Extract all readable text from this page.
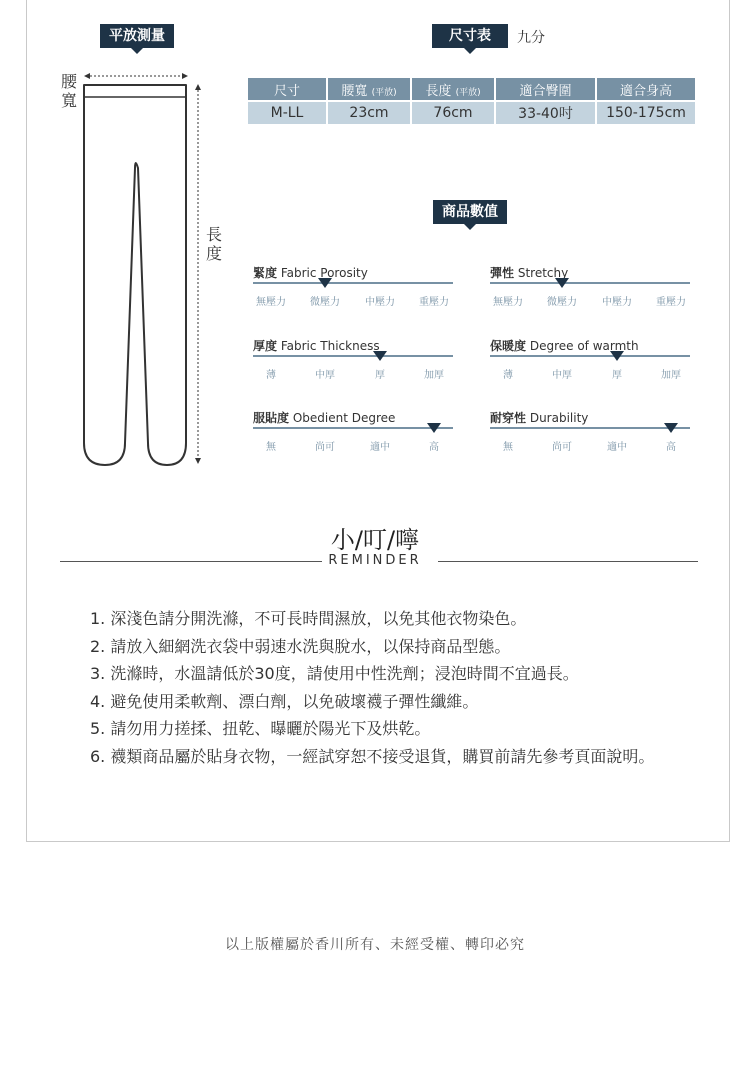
平放測量
腰
寬
長
度
尺寸表	九分
尺寸	腰寬 (平放)	長度 (平放)	適合臀圍	適合身高
M-LL	23cm	76cm	33-40吋	150-175cm
商品數值
緊度 Fabric Porosity
無壓力	微壓力	中壓力	重壓力
彈性 Stretchy
無壓力	微壓力	中壓力	重壓力
厚度 Fabric Thickness
薄	中厚	厚	加厚
保暖度 Degree of warmth
薄	中厚	厚	加厚
服貼度 Obedient Degree
無	尚可	適中	高
耐穿性 Durability
無	尚可	適中	高
小/叮/嚀
REMINDER
1. 深淺色請分開洗滌，不可長時間濕放，以免其他衣物染色。
2. 請放入細網洗衣袋中弱速水洗與脫水，以保持商品型態。
3. 洗滌時，水溫請低於30度，請使用中性洗劑；浸泡時間不宜過長。
4. 避免使用柔軟劑、漂白劑，以免破壞襪子彈性纖維。
5. 請勿用力搓揉、扭乾、曝曬於陽光下及烘乾。
6. 襪類商品屬於貼身衣物，一經試穿恕不接受退貨，購買前請先參考頁面說明。
以上版權屬於香川所有、未經受權、轉印必究
